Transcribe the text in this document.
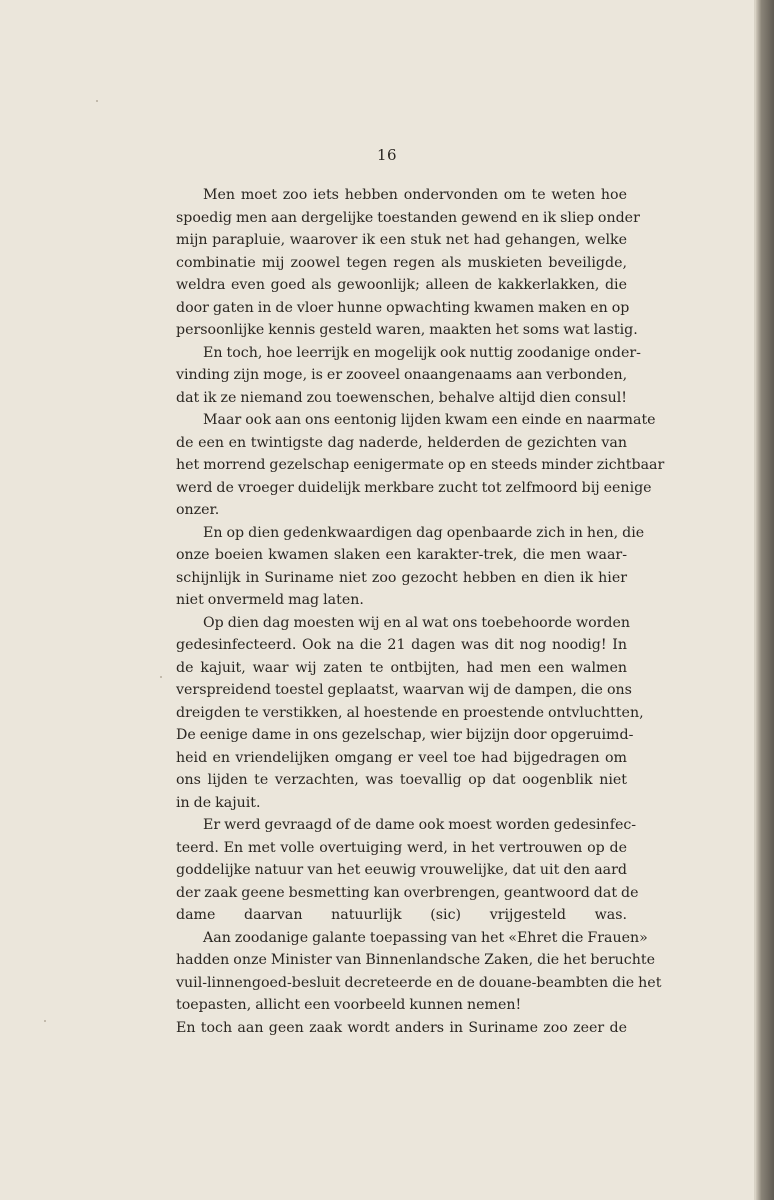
16
Men moet zoo iets hebben ondervonden om te weten hoe
spoedig men aan dergelijke toestanden gewend en ik sliep onder
mijn parapluie, waarover ik een stuk net had gehangen, welke
combinatie mij zoowel tegen regen als muskieten beveiligde,
weldra even goed als gewoonlijk; alleen de kakkerlakken, die
door gaten in de vloer hunne opwachting kwamen maken en op
persoonlijke kennis gesteld waren, maakten het soms wat lastig.
En toch, hoe leerrijk en mogelijk ook nuttig zoodanige onder-
vinding zijn moge, is er zooveel onaangenaams aan verbonden,
dat ik ze niemand zou toewenschen, behalve altijd dien consul!
Maar ook aan ons eentonig lijden kwam een einde en naarmate
de een en twintigste dag naderde, helderden de gezichten van
het morrend gezelschap eenigermate op en steeds minder zichtbaar
werd de vroeger duidelijk merkbare zucht tot zelfmoord bij eenige
onzer.
En op dien gedenkwaardigen dag openbaarde zich in hen, die
onze boeien kwamen slaken een karakter-trek, die men waar-
schijnlijk in Suriname niet zoo gezocht hebben en dien ik hier
niet onvermeld mag laten.
Op dien dag moesten wij en al wat ons toebehoorde worden
gedesinfecteerd. Ook na die 21 dagen was dit nog noodig! In
de kajuit, waar wij zaten te ontbijten, had men een walmen
verspreidend toestel geplaatst, waarvan wij de dampen, die ons
dreigden te verstikken, al hoestende en proestende ontvluchtten,
De eenige dame in ons gezelschap, wier bijzijn door opgeruimd-
heid en vriendelijken omgang er veel toe had bijgedragen om
ons lijden te verzachten, was toevallig op dat oogenblik niet
in de kajuit.
Er werd gevraagd of de dame ook moest worden gedesinfec-
teerd. En met volle overtuiging werd, in het vertrouwen op de
goddelijke natuur van het eeuwig vrouwelijke, dat uit den aard
der zaak geene besmetting kan overbrengen, geantwoord dat de
dame daarvan natuurlijk (sic) vrijgesteld was.
Aan zoodanige galante toepassing van het «Ehret die Frauen»
hadden onze Minister van Binnenlandsche Zaken, die het beruchte
vuil-linnengoed-besluit decreteerde en de douane-beambten die het
toepasten, allicht een voorbeeld kunnen nemen!
En toch aan geen zaak wordt anders in Suriname zoo zeer de
